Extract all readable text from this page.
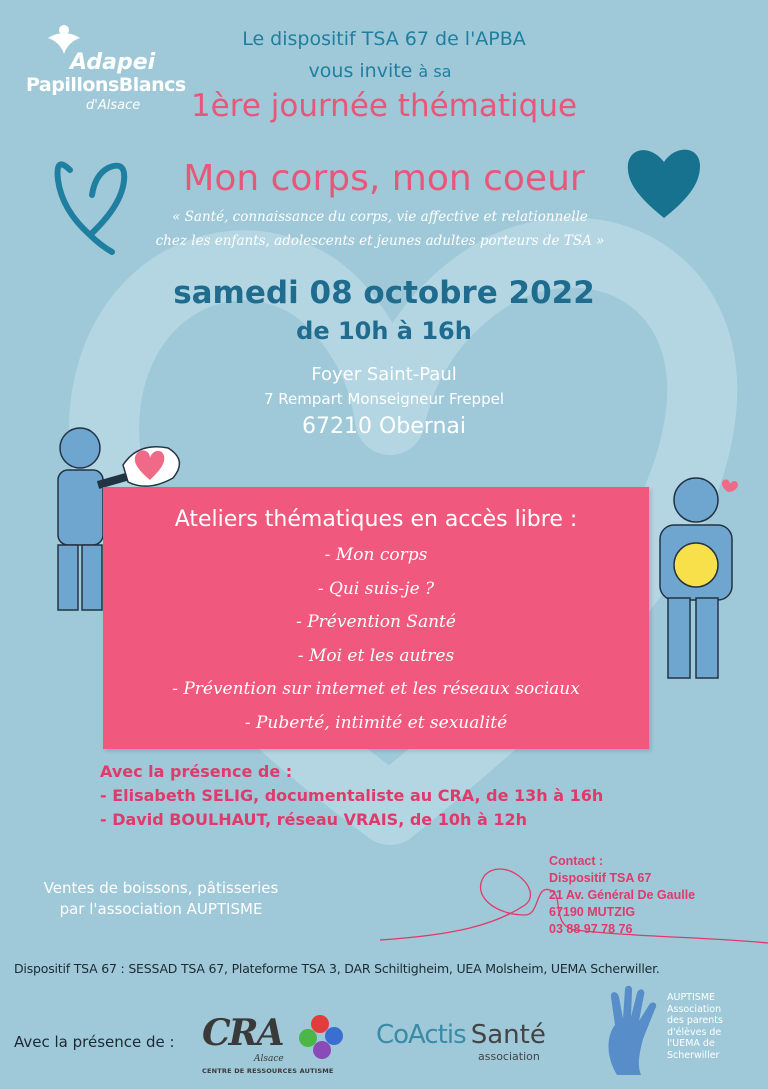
Adapei
PapillonsBlancs
d'Alsace
Le dispositif TSA 67 de l'APBA
vous invite à sa
1ère journée thématique
Mon corps, mon coeur
« Santé, connaissance du corps, vie affective et relationnelle
chez les enfants, adolescents et jeunes adultes porteurs de TSA »
samedi 08 octobre 2022
de 10h à 16h
Foyer Saint-Paul
7 Rempart Monseigneur Freppel
67210 Obernai
Ateliers thématiques en accès libre :
- Mon corps
- Qui suis-je ?
- Prévention Santé
- Moi et les autres
- Prévention sur internet et les réseaux sociaux
- Puberté, intimité et sexualité
Avec la présence de :
- Elisabeth SELIG, documentaliste au CRA, de 13h à 16h
- David BOULHAUT, réseau VRAIS, de 10h à 12h
Ventes de boissons, pâtisseries
par l'association AUPTISME
Contact :
Dispositif TSA 67
21 Av. Général De Gaulle
67190 MUTZIG
03 88 97 78 76
Dispositif TSA 67 : SESSAD TSA 67, Plateforme TSA 3, DAR Schiltigheim, UEA Molsheim, UEMA Scherwiller.
Avec la présence de : CRA
Alsace
CENTRE DE RESSOURCES AUTISME
CoActis Santé
association
AUPTISME
Association
des parents
d'élèves de
l'UEMA de
Scherwiller
